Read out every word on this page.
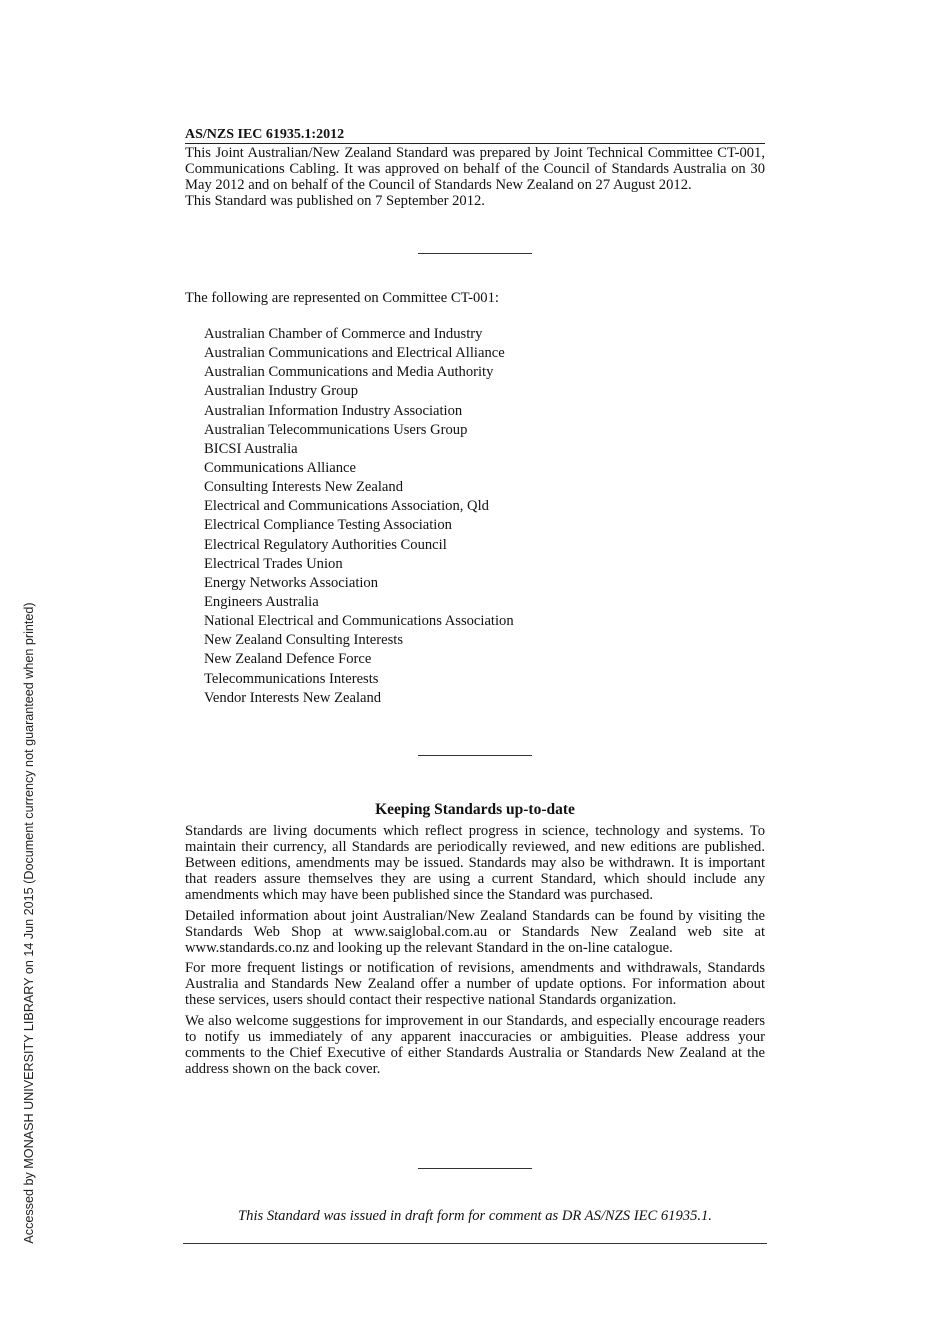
Accessed by MONASH UNIVERSITY LIBRARY on 14 Jun 2015 (Document currency not guaranteed when printed)
AS/NZS IEC 61935.1:2012

This Joint Australian/New Zealand Standard was prepared by Joint Technical Committee CT-001, Communications Cabling. It was approved on behalf of the Council of Standards Australia on 30 May 2012 and on behalf of the Council of Standards New Zealand on 27 August 2012.

This Standard was published on 7 September 2012.

The following are represented on Committee CT-001:

Australian Chamber of Commerce and Industry
Australian Communications and Electrical Alliance
Australian Communications and Media Authority
Australian Industry Group
Australian Information Industry Association
Australian Telecommunications Users Group
BICSI Australia
Communications Alliance
Consulting Interests New Zealand
Electrical and Communications Association, Qld
Electrical Compliance Testing Association
Electrical Regulatory Authorities Council
Electrical Trades Union
Energy Networks Association
Engineers Australia
National Electrical and Communications Association
New Zealand Consulting Interests
New Zealand Defence Force
Telecommunications Interests
Vendor Interests New Zealand
Keeping Standards up-to-date

Standards are living documents which reflect progress in science, technology and systems. To maintain their currency, all Standards are periodically reviewed, and new editions are published. Between editions, amendments may be issued. Standards may also be withdrawn. It is important that readers assure themselves they are using a current Standard, which should include any amendments which may have been published since the Standard was purchased.

Detailed information about joint Australian/New Zealand Standards can be found by visiting the Standards Web Shop at www.saiglobal.com.au or Standards New Zealand web site at www.standards.co.nz and looking up the relevant Standard in the on-line catalogue.

For more frequent listings or notification of revisions, amendments and withdrawals, Standards Australia and Standards New Zealand offer a number of update options. For information about these services, users should contact their respective national Standards organization.

We also welcome suggestions for improvement in our Standards, and especially encourage readers to notify us immediately of any apparent inaccuracies or ambiguities. Please address your comments to the Chief Executive of either Standards Australia or Standards New Zealand at the address shown on the back cover.

This Standard was issued in draft form for comment as DR AS/NZS IEC 61935.1.
